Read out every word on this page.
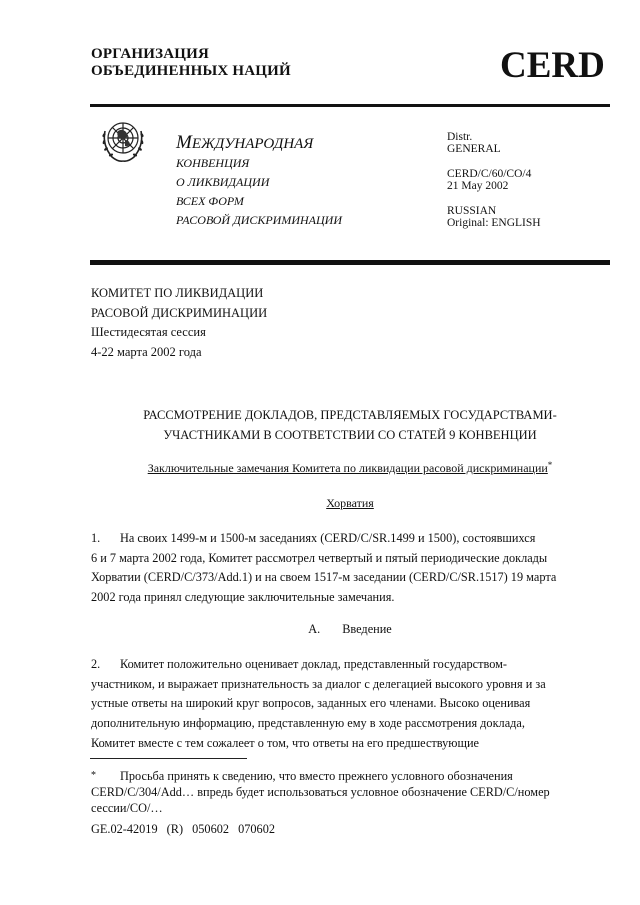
ОРГАНИЗАЦИЯ
ОБЪЕДИНЕННЫХ НАЦИЙ	CERD
МЕЖДУНАРОДНАЯ
КОНВЕНЦИЯ
О ЛИКВИДАЦИИ
ВСЕХ ФОРМ
РАСОВОЙ ДИСКРИМИНАЦИИ
Distr.
GENERAL
CERD/C/60/CO/4
21 May 2002
RUSSIAN
Original: ENGLISH
КОМИТЕТ ПО ЛИКВИДАЦИИ
РАСОВОЙ ДИСКРИМИНАЦИИ
Шестидесятая сессия
4-22 марта 2002 года
РАССМОТРЕНИЕ ДОКЛАДОВ, ПРЕДСТАВЛЯЕМЫХ ГОСУДАРСТВАМИ-
УЧАСТНИКАМИ В СООТВЕТСТВИИ СО СТАТЕЙ 9 КОНВЕНЦИИ
Заключительные замечания Комитета по ликвидации расовой дискриминации*
Хорватия
1. На своих 1499-м и 1500-м заседаниях (CERD/C/SR.1499 и 1500), состоявшихся
6 и 7 марта 2002 года, Комитет рассмотрел четвертый и пятый периодические доклады
Хорватии (CERD/C/373/Add.1) и на своем 1517-м заседании (CERD/C/SR.1517) 19 марта
2002 года принял следующие заключительные замечания.
A. Введение
2. Комитет положительно оценивает доклад, представленный государством-
участником, и выражает признательность за диалог с делегацией высокого уровня и за
устные ответы на широкий круг вопросов, заданных его членами. Высоко оценивая
дополнительную информацию, представленную ему в ходе рассмотрения доклада,
Комитет вместе с тем сожалеет о том, что ответы на его предшествующие
* Просьба принять к сведению, что вместо прежнего условного обозначения
CERD/C/304/Add… впредь будет использоваться условное обозначение CERD/C/номер
сессии/CO/…
GE.02-42019 (R) 050602 070602
